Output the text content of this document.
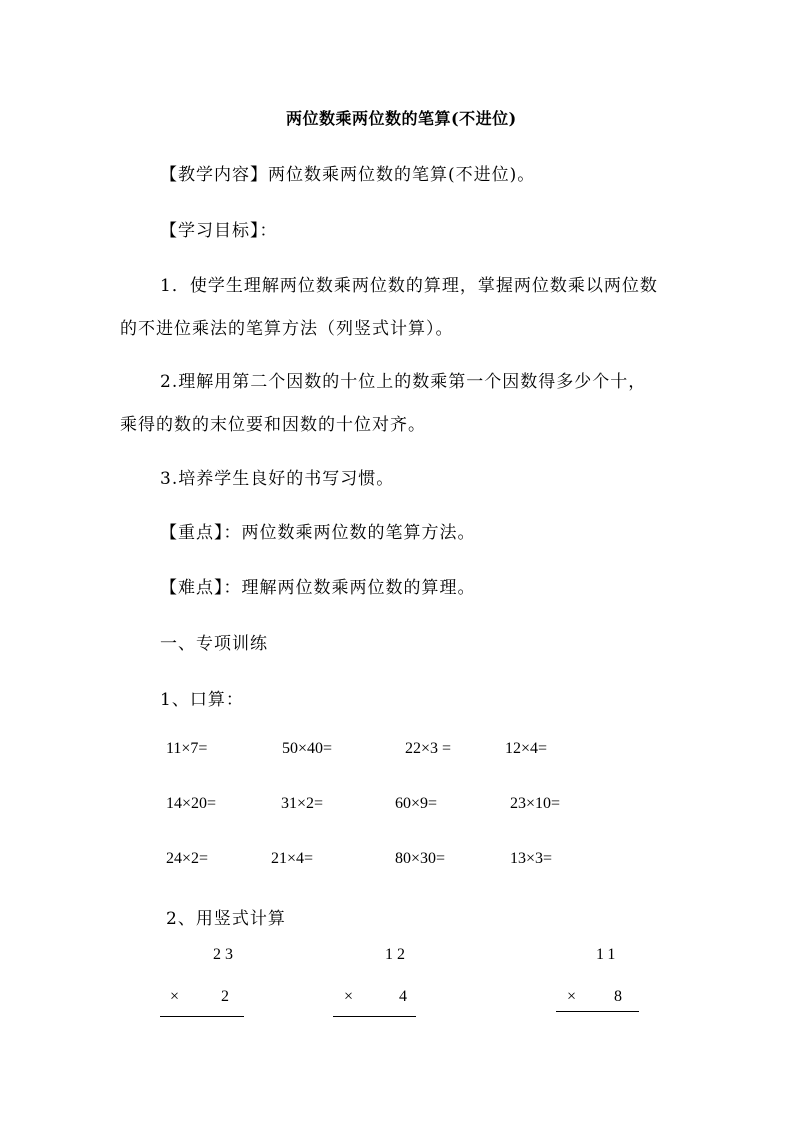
两位数乘两位数的笔算(不进位)
【教学内容】两位数乘两位数的笔算(不进位)。
【学习目标】：
1．使学生理解两位数乘两位数的算理，掌握两位数乘以两位数
的不进位乘法的笔算方法（列竖式计算）。
2.理解用第二个因数的十位上的数乘第一个因数得多少个十，
乘得的数的末位要和因数的十位对齐。
3.培养学生良好的书写习惯。
【重点】：两位数乘两位数的笔算方法。
【难点】：理解两位数乘两位数的算理。
一、专项训练
1、口算：
11×7=	50×40=	22×3 =	12×4=
14×20=	31×2=	60×9=	23×10=
24×2=	21×4=	80×30=	13×3=
2、用竖式计算
23
×	2
12
×	4
11
× 8
